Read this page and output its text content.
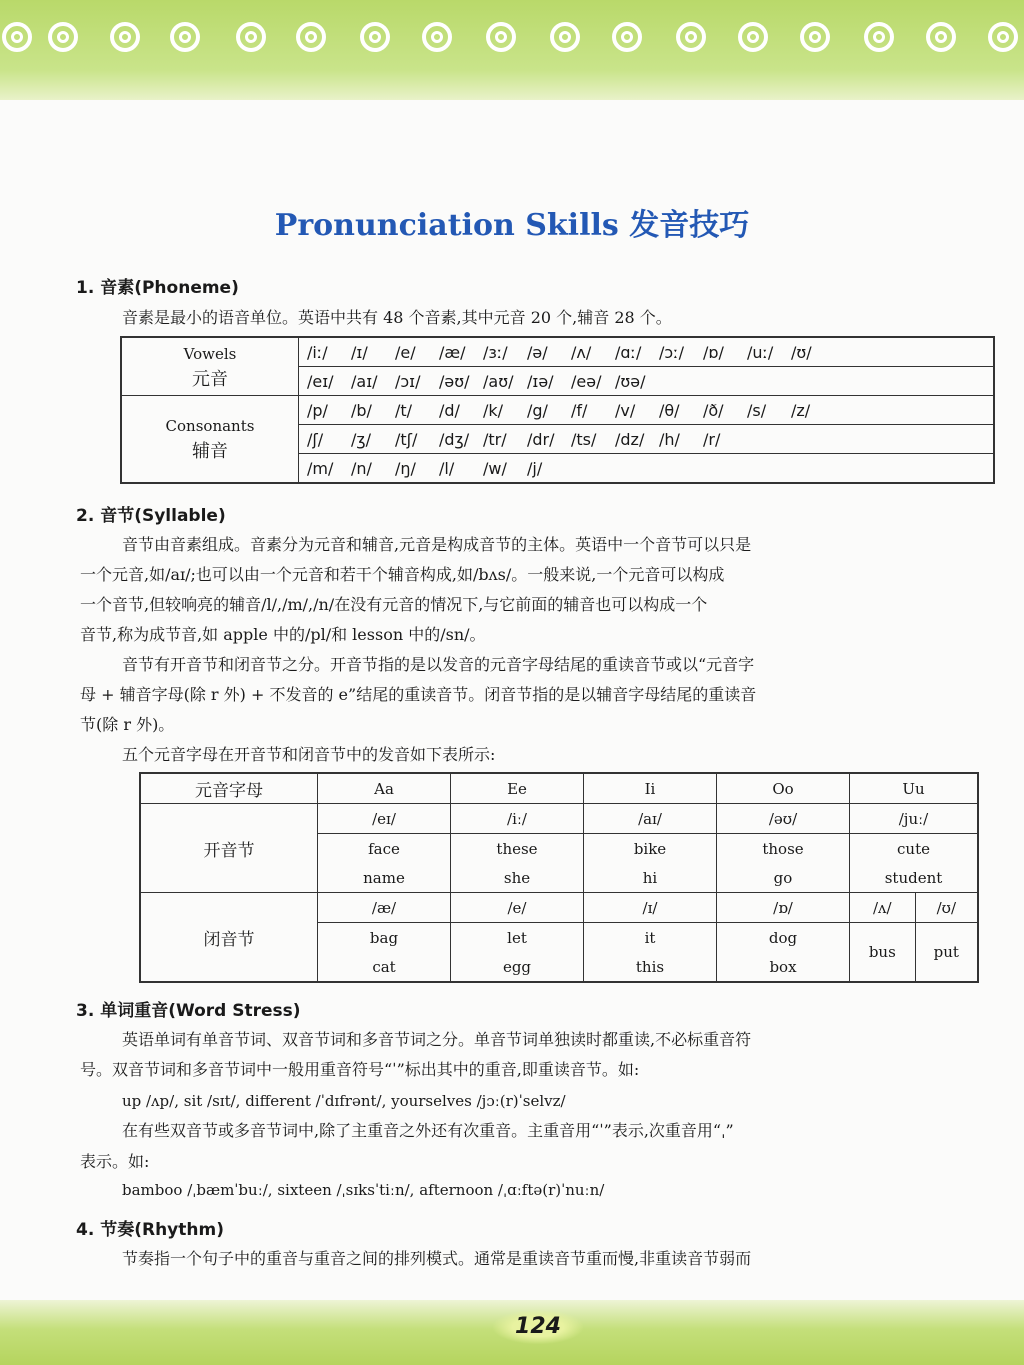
Pronunciation Skills 发音技巧
1. 音素(Phoneme)
音素是最小的语音单位。英语中共有 48 个音素,其中元音 20 个,辅音 28 个。
Vowels
元音	/iː/ /ɪ/ /e/ /æ/ /ɜː/ /ə/ /ʌ/ /ɑː/ /ɔː/ /ɒ/ /uː/ /ʊ/
	/eɪ/ /aɪ/ /ɔɪ/ /əʊ/ /aʊ/ /ɪə/ /eə/ /ʊə/

Consonants
辅音	/p/ /b/ /t/ /d/ /k/ /g/ /f/ /v/ /θ/ /ð/ /s/ /z/
	/ʃ/ /ʒ/ /tʃ/ /dʒ/ /tr/ /dr/ /ts/ /dz/ /h/ /r/
	/m/ /n/ /ŋ/ /l/ /w/ /j/
2. 音节(Syllable)
音节由音素组成。音素分为元音和辅音,元音是构成音节的主体。英语中一个音节可以只是
一个元音,如/aɪ/;也可以由一个元音和若干个辅音构成,如/bʌs/。一般来说,一个元音可以构成
一个音节,但较响亮的辅音/l/,/m/,/n/在没有元音的情况下,与它前面的辅音也可以构成一个
音节,称为成节音,如 apple 中的/pl/和 lesson 中的/sn/。
音节有开音节和闭音节之分。开音节指的是以发音的元音字母结尾的重读音节或以“元音字
母 + 辅音字母(除 r 外) + 不发音的 e”结尾的重读音节。闭音节指的是以辅音字母结尾的重读音
节(除 r 外)。
五个元音字母在开音节和闭音节中的发音如下表所示:
元音字母	Aa	Ee	Ii	Oo	Uu	
开音节	/eɪ/	/iː/	/aɪ/	/əʊ/	/juː/	
	face	these	bike	those	cute	
	name	she	hi	go	student	
闭音节	/æ/	/e/	/ɪ/	/ɒ/	/ʌ/	/ʊ/
	bag	let	it	dog	bus	put
	cat	egg	this	box		
3. 单词重音(Word Stress)
英语单词有单音节词、双音节词和多音节词之分。单音节词单独读时都重读,不必标重音符
号。双音节词和多音节词中一般用重音符号“ˈ”标出其中的重音,即重读音节。如:
up /ʌp/, sit /sɪt/, different /ˈdɪfrənt/, yourselves /jɔː(r)ˈselvz/
在有些双音节或多音节词中,除了主重音之外还有次重音。主重音用“ˈ”表示,次重音用“ˌ”
表示。如:
bamboo /ˌbæmˈbuː/, sixteen /ˌsɪksˈtiːn/, afternoon /ˌɑːftə(r)ˈnuːn/
4. 节奏(Rhythm)
节奏指一个句子中的重音与重音之间的排列模式。通常是重读音节重而慢,非重读音节弱而
124
